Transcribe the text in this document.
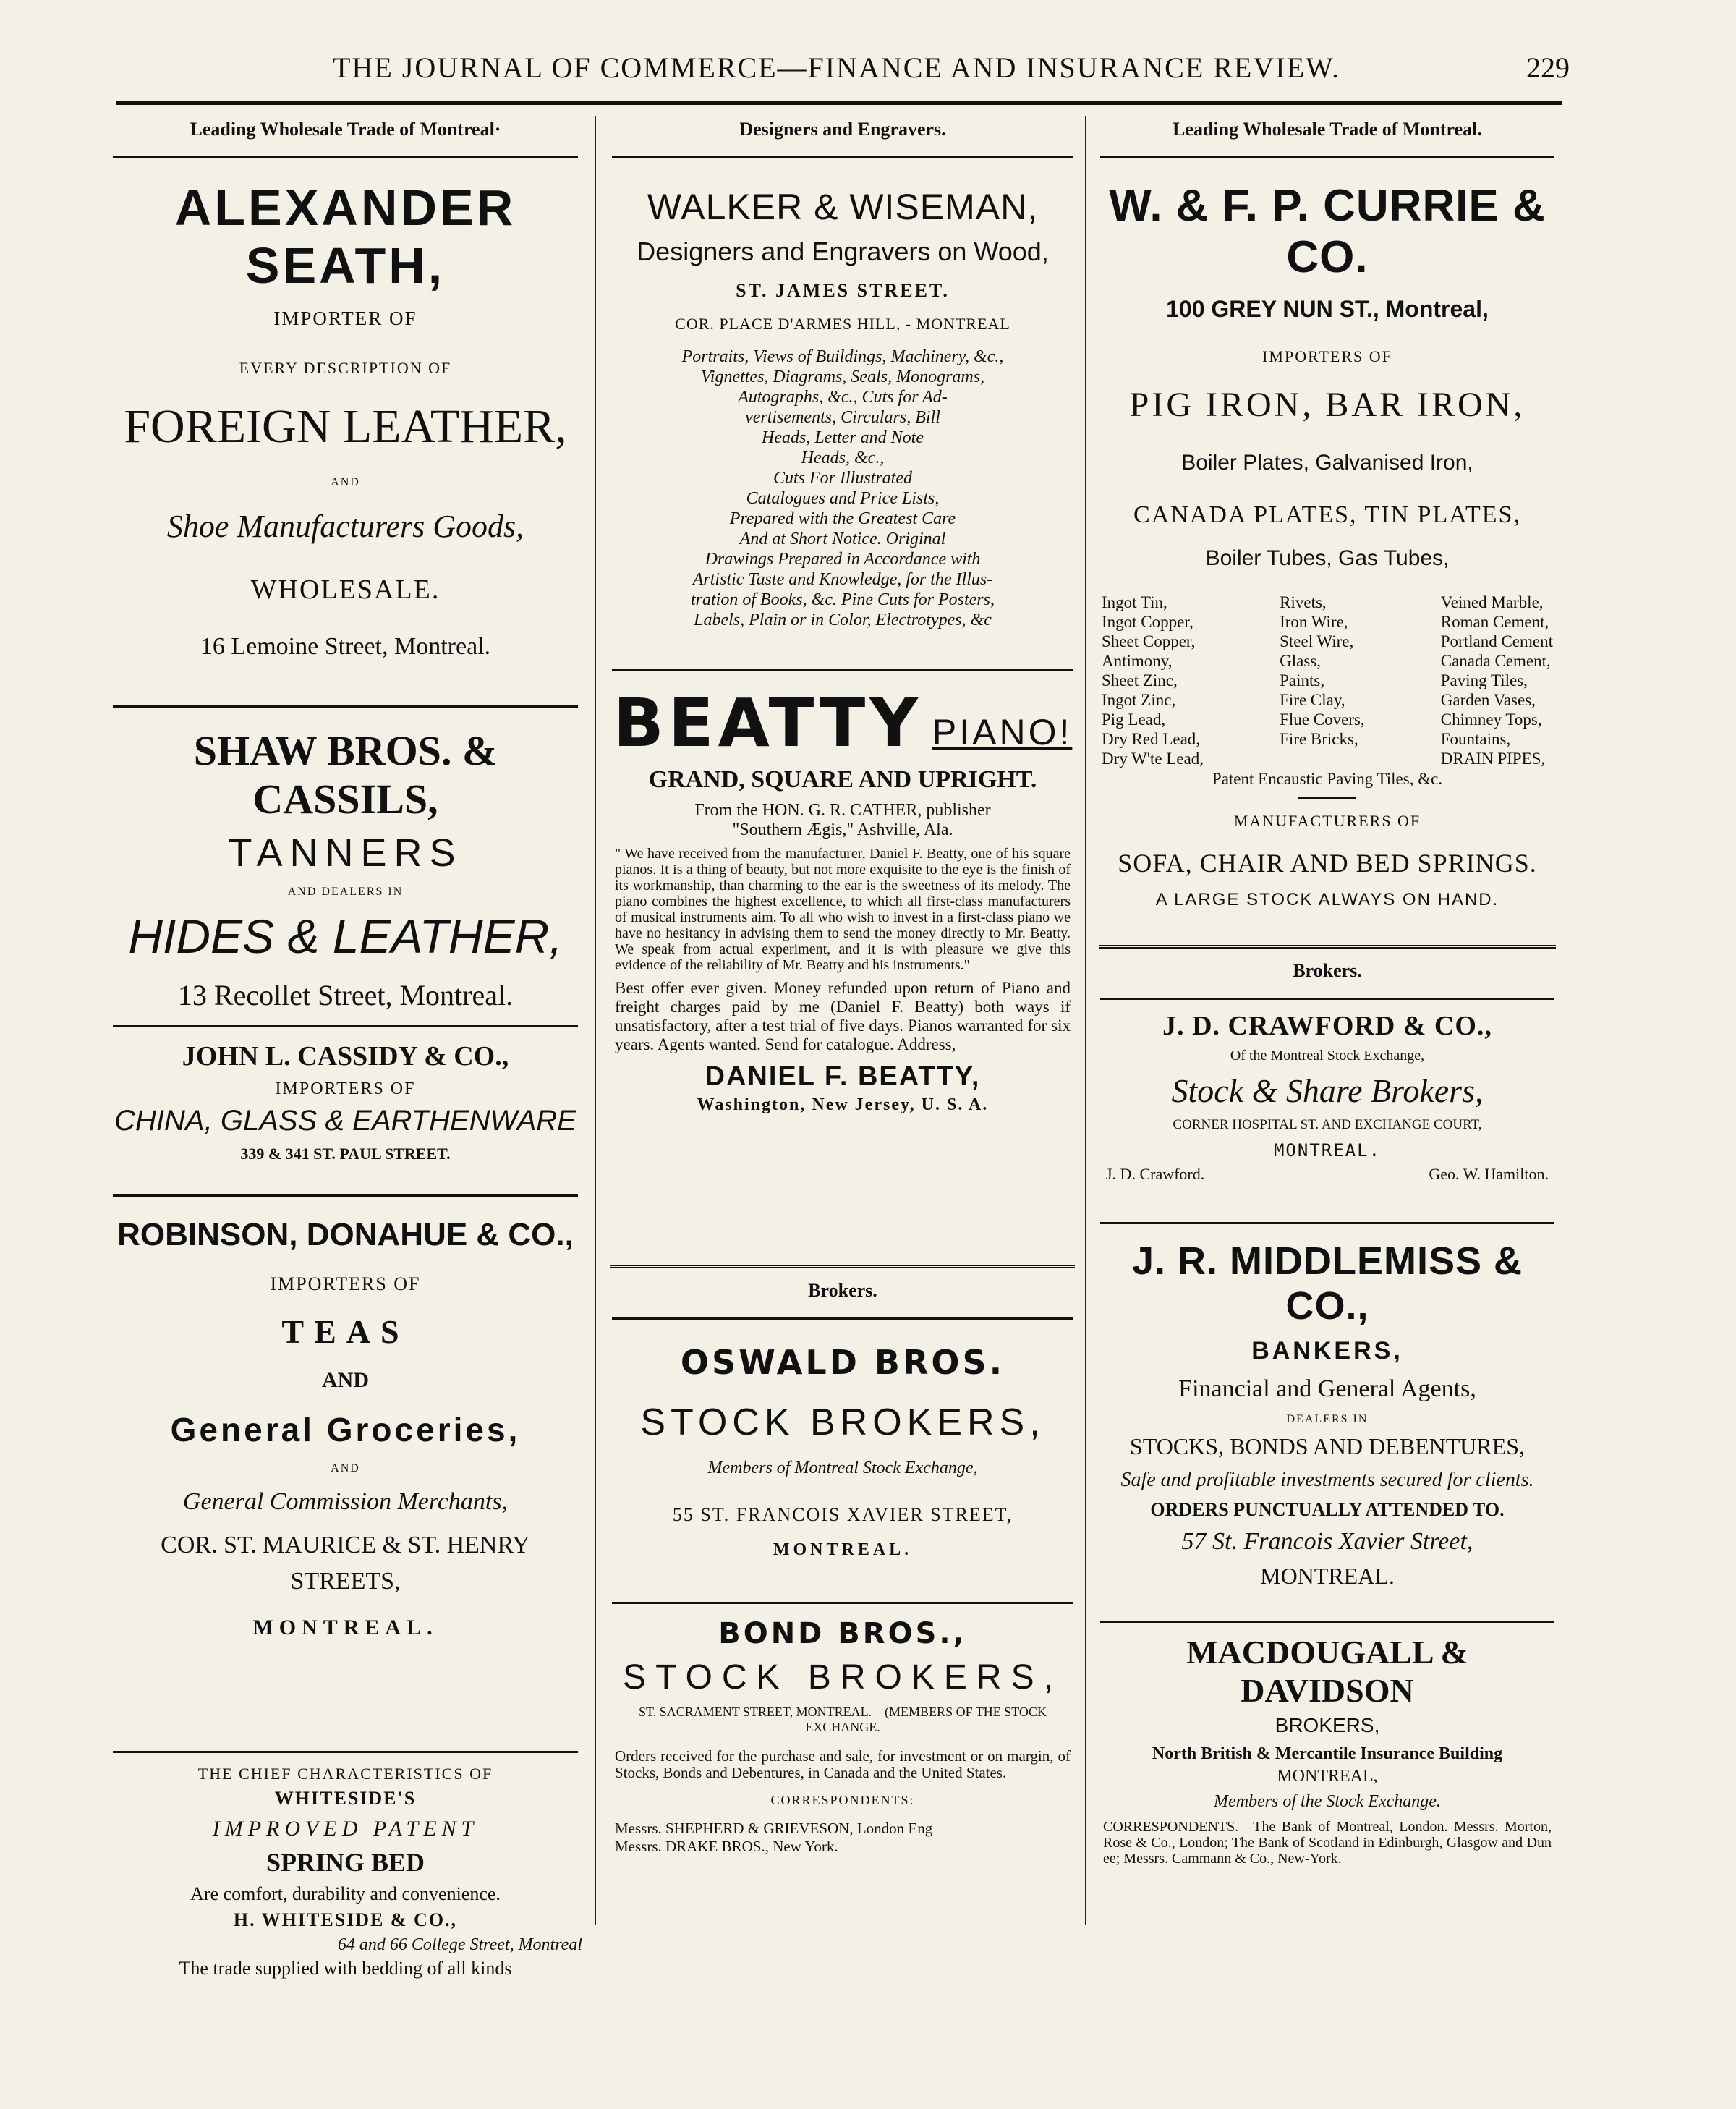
THE JOURNAL OF COMMERCE—FINANCE AND INSURANCE REVIEW.	229
Leading Wholesale Trade of Montreal·
ALEXANDER SEATH,
IMPORTER OF
EVERY DESCRIPTION OF
FOREIGN LEATHER,
AND
Shoe Manufacturers Goods,
WHOLESALE.
16 Lemoine Street, Montreal.
SHAW BROS. & CASSILS,
TANNERS
AND DEALERS IN
HIDES & LEATHER,
13 Recollet Street, Montreal.
JOHN L. CASSIDY & CO.,
IMPORTERS OF
CHINA, GLASS & EARTHENWARE
339 & 341 ST. PAUL STREET.
ROBINSON, DONAHUE & CO.,
IMPORTERS OF
TEAS
AND
General Groceries,
AND
General Commission Merchants,
COR. ST. MAURICE & ST. HENRY
STREETS,
MONTREAL.
THE CHIEF CHARACTERISTICS OF
WHITESIDE'S
IMPROVED PATENT
SPRING BED
Are comfort, durability and convenience.
H. WHITESIDE & CO.,
64 and 66 College Street, Montreal
The trade supplied with bedding of all kinds
Designers and Engravers.
WALKER & WISEMAN,
Designers and Engravers on Wood,
ST. JAMES STREET.
COR. PLACE D'ARMES HILL, - MONTREAL
Portraits, Views of Buildings, Machinery, &c.,
Vignettes, Diagrams, Seals, Monograms,
Autographs, &c., Cuts for Ad-
vertisements, Circulars, Bill
Heads, Letter and Note
Heads, &c.,
Cuts For Illustrated
Catalogues and Price Lists,
Prepared with the Greatest Care
And at Short Notice. Original
Drawings Prepared in Accordance with
Artistic Taste and Knowledge, for the Illus-
tration of Books, &c. Pine Cuts for Posters,
Labels, Plain or in Color, Electrotypes, &c
BEATTY PIANO!
GRAND, SQUARE AND UPRIGHT.
From the HON. G. R. CATHER, publisher
"Southern Ægis," Ashville, Ala.
" We have received from the manufacturer, Daniel F. Beatty, one of his square pianos. It is a thing of beauty, but not more exquisite to the eye is the finish of its workmanship, than charming to the ear is the sweetness of its melody. The piano combines the highest excellence, to which all first-class manufacturers of musical instruments aim. To all who wish to invest in a first-class piano we have no hesitancy in advising them to send the money directly to Mr. Beatty. We speak from actual experiment, and it is with pleasure we give this evidence of the reliability of Mr. Beatty and his instruments."
Best offer ever given. Money refunded upon return of Piano and freight charges paid by me (Daniel F. Beatty) both ways if unsatisfactory, after a test trial of five days. Pianos warranted for six years. Agents wanted. Send for catalogue. Address,
DANIEL F. BEATTY,
Washington, New Jersey, U. S. A.
Brokers.
OSWALD BROS.
STOCK BROKERS,
Members of Montreal Stock Exchange,
55 ST. FRANCOIS XAVIER STREET,
MONTREAL.
BOND BROS.,
STOCK BROKERS,
ST. SACRAMENT STREET, MONTREAL.—(MEMBERS OF THE STOCK EXCHANGE.
Orders received for the purchase and sale, for investment or on margin, of Stocks, Bonds and Debentures, in Canada and the United States.
CORRESPONDENTS:
Messrs. SHEPHERD & GRIEVESON, London Eng
Messrs. DRAKE BROS., New York.
Leading Wholesale Trade of Montreal.
W. & F. P. CURRIE & CO.
100 GREY NUN ST., Montreal,
IMPORTERS OF
PIG IRON, BAR IRON,
Boiler Plates, Galvanised Iron,
CANADA PLATES, TIN PLATES,
Boiler Tubes, Gas Tubes,
Ingot Tin,
Ingot Copper,
Sheet Copper,
Antimony,
Sheet Zinc,
Ingot Zinc,
Pig Lead,
Dry Red Lead,
Dry W'te Lead,
Rivets,
Iron Wire,
Steel Wire,
Glass,
Paints,
Fire Clay,
Flue Covers,
Fire Bricks,
Veined Marble,
Roman Cement,
Portland Cement
Canada Cement,
Paving Tiles,
Garden Vases,
Chimney Tops,
Fountains,
DRAIN PIPES,
Patent Encaustic Paving Tiles, &c.
MANUFACTURERS OF
SOFA, CHAIR AND BED SPRINGS.
A LARGE STOCK ALWAYS ON HAND.
Brokers.
J. D. CRAWFORD & CO.,
Of the Montreal Stock Exchange,
Stock & Share Brokers,
CORNER HOSPITAL ST. AND EXCHANGE COURT,
MONTREAL.
J. D. Crawford.	Geo. W. Hamilton.
J. R. MIDDLEMISS & CO.,
BANKERS,
Financial and General Agents,
DEALERS IN
STOCKS, BONDS AND DEBENTURES,
Safe and profitable investments secured for clients.
ORDERS PUNCTUALLY ATTENDED TO.
57 St. Francois Xavier Street,
MONTREAL.
MACDOUGALL & DAVIDSON
BROKERS,
North British & Mercantile Insurance Building
MONTREAL,
Members of the Stock Exchange.
CORRESPONDENTS.—The Bank of Montreal, London. Messrs. Morton, Rose & Co., London; The Bank of Scotland in Edinburgh, Glasgow and Dun ee; Messrs. Cammann & Co., New-York.
